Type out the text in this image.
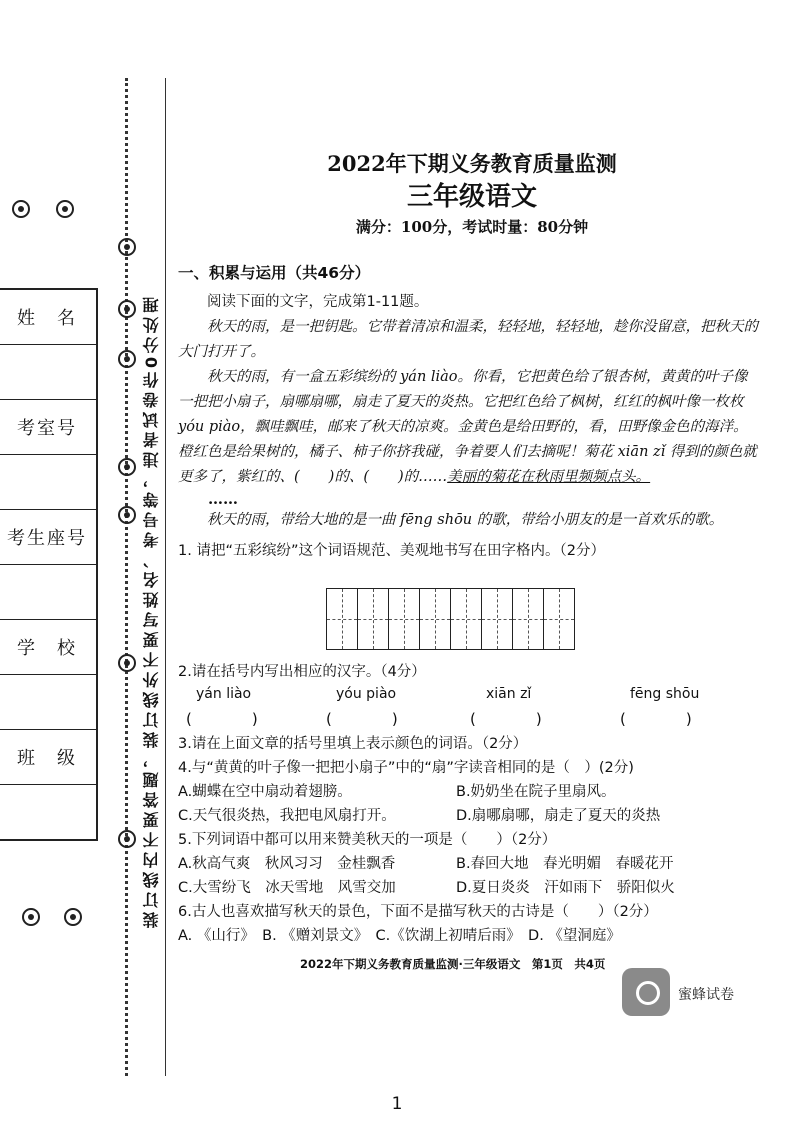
姓　名
考室号
考生座号
学　校
班　级	装订线内不要答题，装订线外不要写姓名、考号等，违者试卷作0分处理
2022年下期义务教育质量监测
三年级语文
满分：100分，考试时量：80分钟
一、积累与运用（共46分）
阅读下面的文字，完成第1-11题。
秋天的雨，是一把钥匙。它带着清凉和温柔，轻轻地，轻轻地，趁你没留意，把秋天的大门打开了。
秋天的雨，有一盒五彩缤纷的 yán liào。你看，它把黄色给了银杏树，黄黄的叶子像一把把小扇子，扇哪扇哪，扇走了夏天的炎热。它把红色给了枫树，红红的枫叶像一枚枚 yóu piào，飘哇飘哇，邮来了秋天的凉爽。金黄色是给田野的，看，田野像金色的海洋。橙红色是给果树的，橘子、柿子你挤我碰，争着要人们去摘呢！菊花 xiān zǐ 得到的颜色就更多了，紫红的、(　　)的、(　　)的……美丽的菊花在秋雨里频频点头。
……
秋天的雨，带给大地的是一曲 fēng shōu 的歌，带给小朋友的是一首欢乐的歌。
1. 请把“五彩缤纷”这个词语规范、美观地书写在田字格内。（2分）
2.请在括号内写出相应的汉字。（4分）
yán liào	yóu piào	xiān zǐ	fēng shōu
(　　　　)	(　　　　)	(　　　　)	(　　　　)
3.请在上面文章的括号里填上表示颜色的词语。（2分）
4.与“黄黄的叶子像一把把小扇子”中的“扇”字读音相同的是（　）(2分)
A.蝴蝶在空中扇动着翅膀。	B.奶奶坐在院子里扇风。
C.天气很炎热，我把电风扇打开。	D.扇哪扇哪，扇走了夏天的炎热
5.下列词语中都可以用来赞美秋天的一项是（　　）（2分）
A.秋高气爽　秋风习习　金桂飘香	B.春回大地　春光明媚　春暖花开
C.大雪纷飞　冰天雪地　风雪交加	D.夏日炎炎　汗如雨下　骄阳似火
6.古人也喜欢描写秋天的景色，下面不是描写秋天的古诗是（　　）（2分）
A. 《山行》　B. 《赠刘景文》　C.《饮湖上初晴后雨》　D. 《望洞庭》
2022年下期义务教育质量监测·三年级语文　第1页　共4页
蜜蜂试卷
1
